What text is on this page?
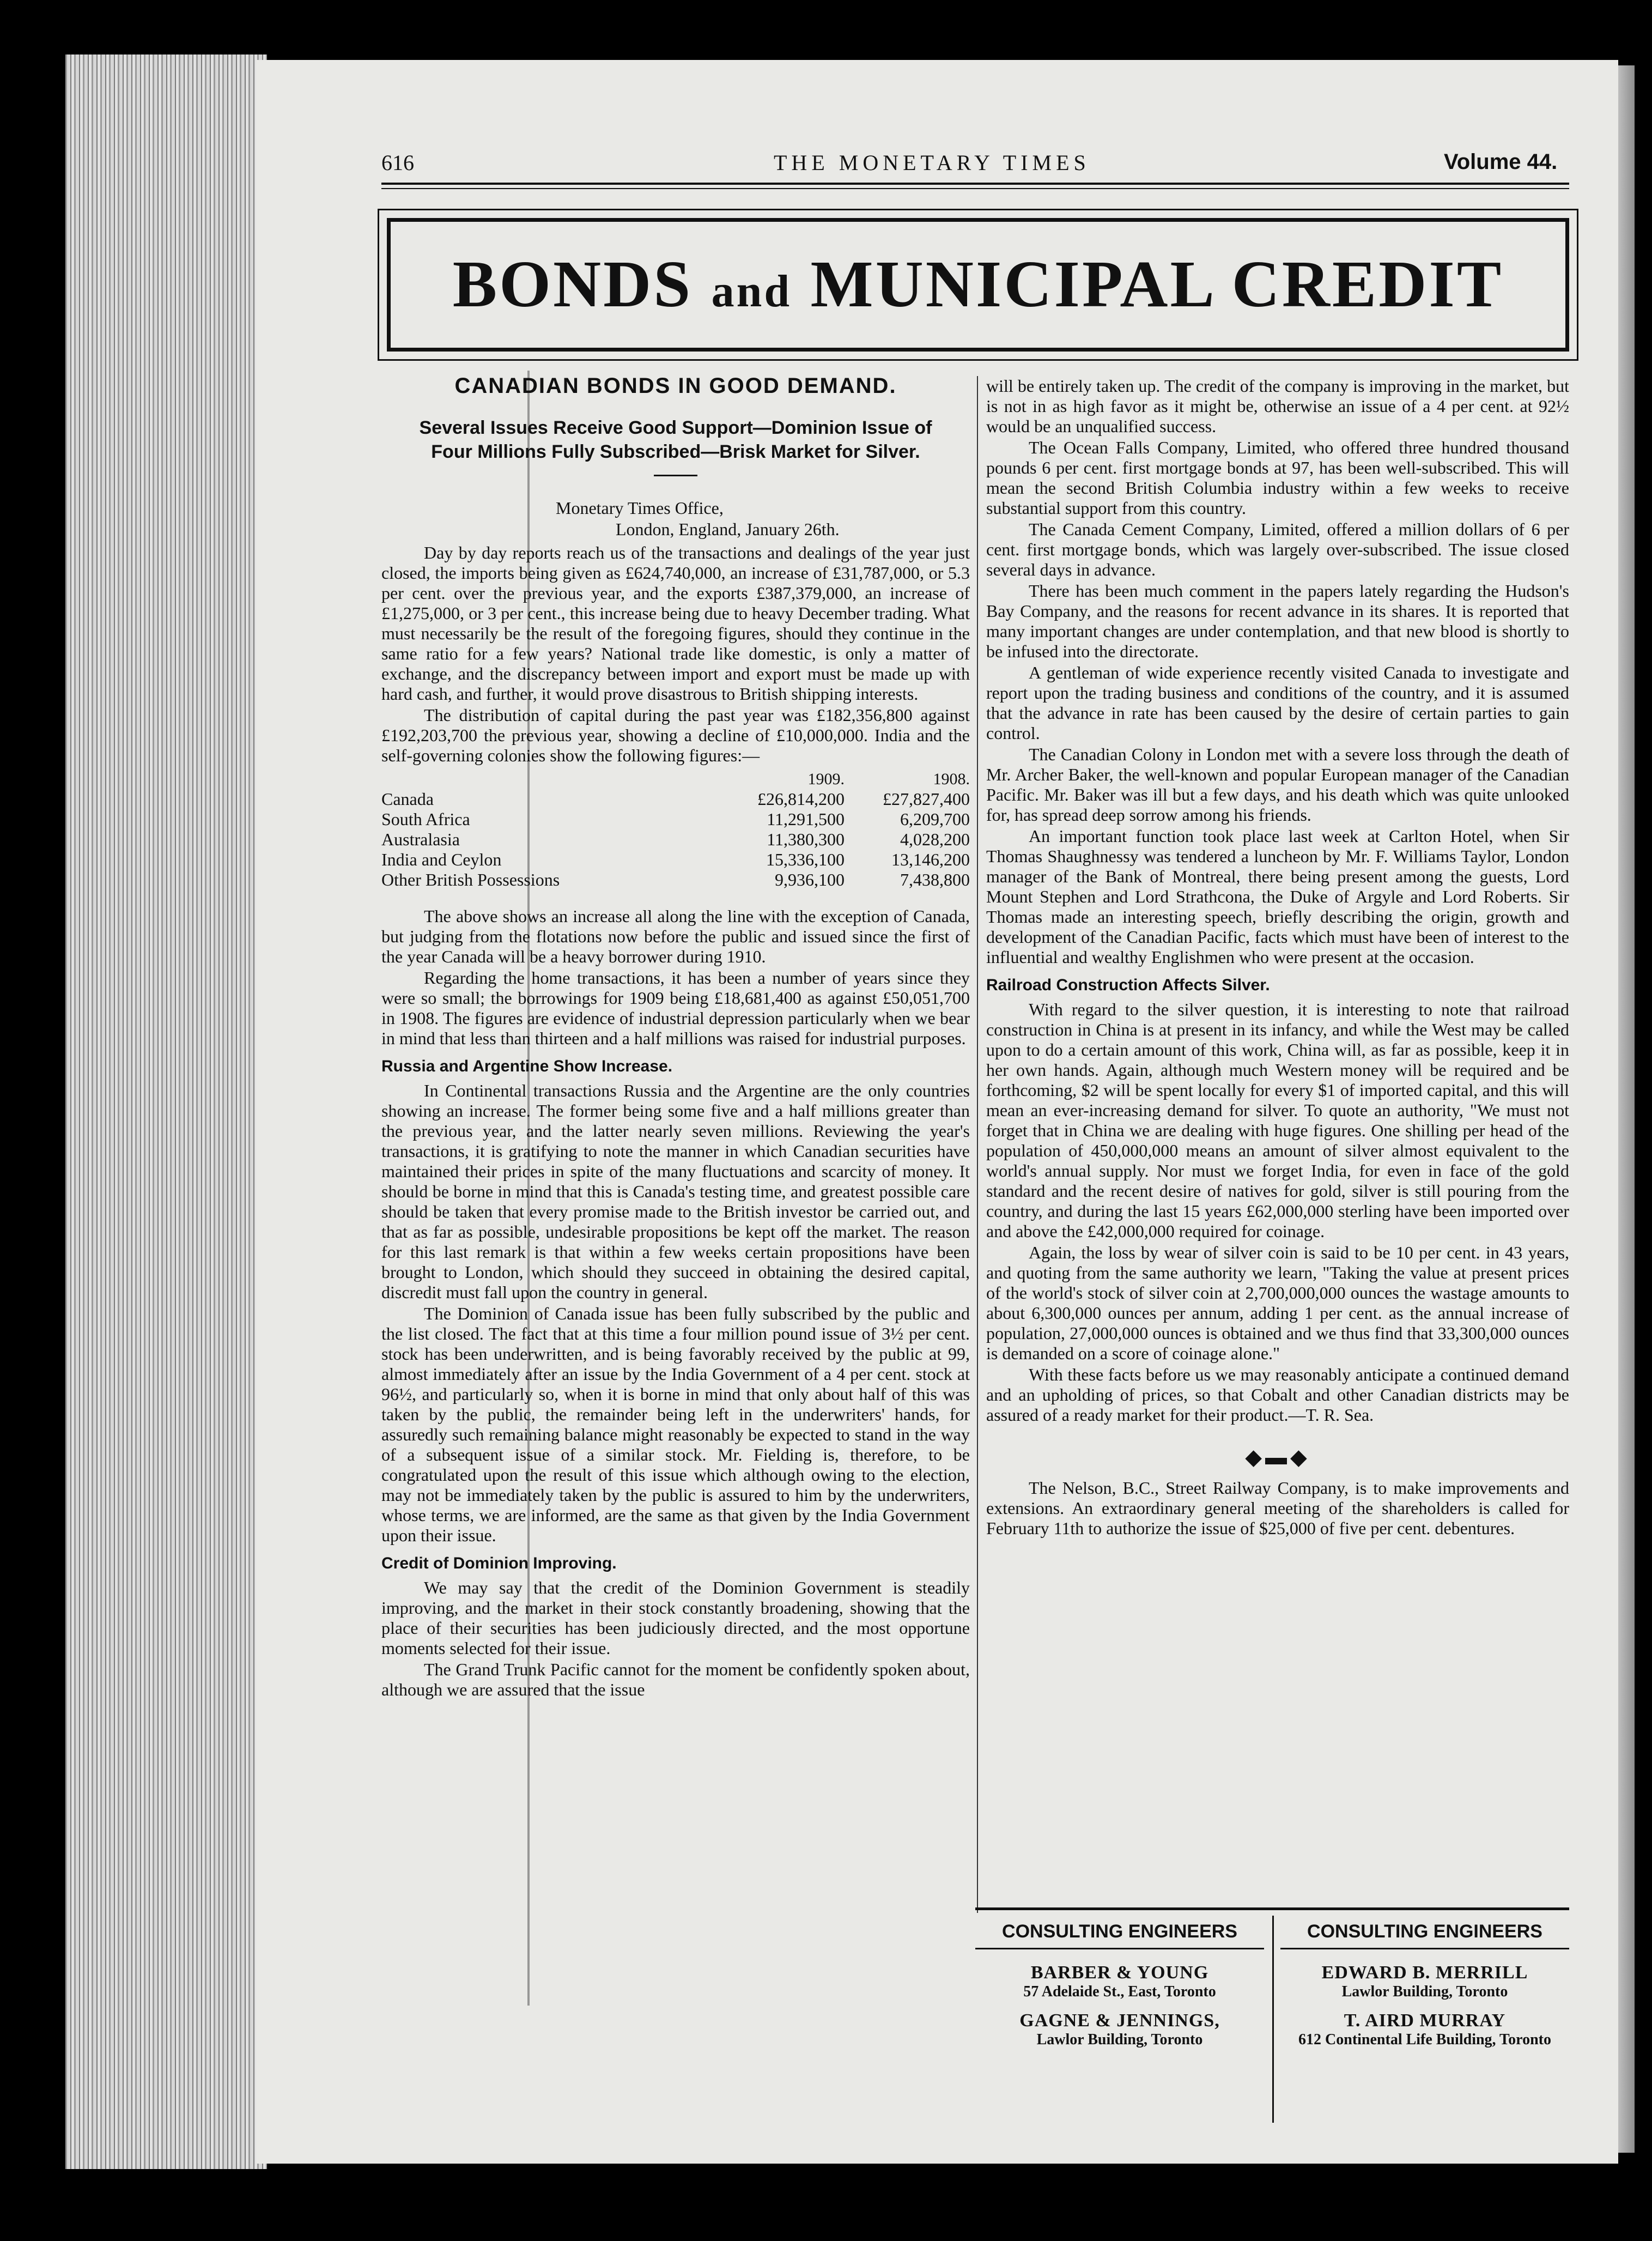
616	THE MONETARY TIMES	Volume 44.
BONDS and MUNICIPAL CREDIT
CANADIAN BONDS IN GOOD DEMAND.
Several Issues Receive Good Support—Dominion Issue of Four Millions Fully Subscribed—Brisk Market for Silver.

Monetary Times Office,

London, England, January 26th.

Day by day reports reach us of the transactions and dealings of the year just closed, the imports being given as £624,740,000, an increase of £31,787,000, or 5.3 per cent. over the previous year, and the exports £387,379,000, an increase of £1,275,000, or 3 per cent., this increase being due to heavy December trading. What must necessarily be the result of the foregoing figures, should they continue in the same ratio for a few years? National trade like domestic, is only a matter of exchange, and the discrepancy between import and export must be made up with hard cash, and further, it would prove disastrous to British shipping interests.

The distribution of capital during the past year was £182,356,800 against £192,203,700 the previous year, showing a decline of £10,000,000. India and the self-governing colonies show the following figures:—

	1909.	1908.
Canada	£26,814,200	£27,827,400
South Africa	11,291,500	6,209,700
Australasia	11,380,300	4,028,200
India and Ceylon	15,336,100	13,146,200
Other British Possessions	9,936,100	7,438,800

The above shows an increase all along the line with the exception of Canada, but judging from the flotations now before the public and issued since the first of the year Canada will be a heavy borrower during 1910.

Regarding the home transactions, it has been a number of years since they were so small; the borrowings for 1909 being £18,681,400 as against £50,051,700 in 1908. The figures are evidence of industrial depression particularly when we bear in mind that less than thirteen and a half millions was raised for industrial purposes.

Russia and Argentine Show Increase.

In Continental transactions Russia and the Argentine are the only countries showing an increase. The former being some five and a half millions greater than the previous year, and the latter nearly seven millions. Reviewing the year's transactions, it is gratifying to note the manner in which Canadian securities have maintained their prices in spite of the many fluctuations and scarcity of money. It should be borne in mind that this is Canada's testing time, and greatest possible care should be taken that every promise made to the British investor be carried out, and that as far as possible, undesirable propositions be kept off the market. The reason for this last remark is that within a few weeks certain propositions have been brought to London, which should they succeed in obtaining the desired capital, discredit must fall upon the country in general.

The Dominion of Canada issue has been fully subscribed by the public and the list closed. The fact that at this time a four million pound issue of 3½ per cent. stock has been underwritten, and is being favorably received by the public at 99, almost immediately after an issue by the India Government of a 4 per cent. stock at 96½, and particularly so, when it is borne in mind that only about half of this was taken by the public, the remainder being left in the underwriters' hands, for assuredly such remaining balance might reasonably be expected to stand in the way of a subsequent issue of a similar stock. Mr. Fielding is, therefore, to be congratulated upon the result of this issue which although owing to the election, may not be immediately taken by the public is assured to him by the underwriters, whose terms, we are informed, are the same as that given by the India Government upon their issue.

Credit of Dominion Improving.

We may say that the credit of the Dominion Government is steadily improving, and the market in their stock constantly broadening, showing that the place of their securities has been judiciously directed, and the most opportune moments selected for their issue.

The Grand Trunk Pacific cannot for the moment be confidently spoken about, although we are assured that the issue

will be entirely taken up. The credit of the company is improving in the market, but is not in as high favor as it might be, otherwise an issue of a 4 per cent. at 92½ would be an unqualified success.

The Ocean Falls Company, Limited, who offered three hundred thousand pounds 6 per cent. first mortgage bonds at 97, has been well-subscribed. This will mean the second British Columbia industry within a few weeks to receive substantial support from this country.

The Canada Cement Company, Limited, offered a million dollars of 6 per cent. first mortgage bonds, which was largely over-subscribed. The issue closed several days in advance.

There has been much comment in the papers lately regarding the Hudson's Bay Company, and the reasons for recent advance in its shares. It is reported that many important changes are under contemplation, and that new blood is shortly to be infused into the directorate.

A gentleman of wide experience recently visited Canada to investigate and report upon the trading business and conditions of the country, and it is assumed that the advance in rate has been caused by the desire of certain parties to gain control.

The Canadian Colony in London met with a severe loss through the death of Mr. Archer Baker, the well-known and popular European manager of the Canadian Pacific. Mr. Baker was ill but a few days, and his death which was quite unlooked for, has spread deep sorrow among his friends.

An important function took place last week at Carlton Hotel, when Sir Thomas Shaughnessy was tendered a luncheon by Mr. F. Williams Taylor, London manager of the Bank of Montreal, there being present among the guests, Lord Mount Stephen and Lord Strathcona, the Duke of Argyle and Lord Roberts. Sir Thomas made an interesting speech, briefly describing the origin, growth and development of the Canadian Pacific, facts which must have been of interest to the influential and wealthy Englishmen who were present at the occasion.

Railroad Construction Affects Silver.

With regard to the silver question, it is interesting to note that railroad construction in China is at present in its infancy, and while the West may be called upon to do a certain amount of this work, China will, as far as possible, keep it in her own hands. Again, although much Western money will be required and be forthcoming, $2 will be spent locally for every $1 of imported capital, and this will mean an ever-increasing demand for silver. To quote an authority, "We must not forget that in China we are dealing with huge figures. One shilling per head of the population of 450,000,000 means an amount of silver almost equivalent to the world's annual supply. Nor must we forget India, for even in face of the gold standard and the recent desire of natives for gold, silver is still pouring from the country, and during the last 15 years £62,000,000 sterling have been imported over and above the £42,000,000 required for coinage.

Again, the loss by wear of silver coin is said to be 10 per cent. in 43 years, and quoting from the same authority we learn, "Taking the value at present prices of the world's stock of silver coin at 2,700,000,000 ounces the wastage amounts to about 6,300,000 ounces per annum, adding 1 per cent. as the annual increase of population, 27,000,000 ounces is obtained and we thus find that 33,300,000 ounces is demanded on a score of coinage alone."

With these facts before us we may reasonably anticipate a continued demand and an upholding of prices, so that Cobalt and other Canadian districts may be assured of a ready market for their product.—T. R. Sea.

◆▬◆

The Nelson, B.C., Street Railway Company, is to make improvements and extensions. An extraordinary general meeting of the shareholders is called for February 11th to authorize the issue of $25,000 of five per cent. debentures.

CONSULTING ENGINEERS
BARBER & YOUNG
57 Adelaide St., East, Toronto
GAGNE & JENNINGS,
Lawlor Building, Toronto
CONSULTING ENGINEERS
EDWARD B. MERRILL
Lawlor Building, Toronto
T. AIRD MURRAY
612 Continental Life Building, Toronto
